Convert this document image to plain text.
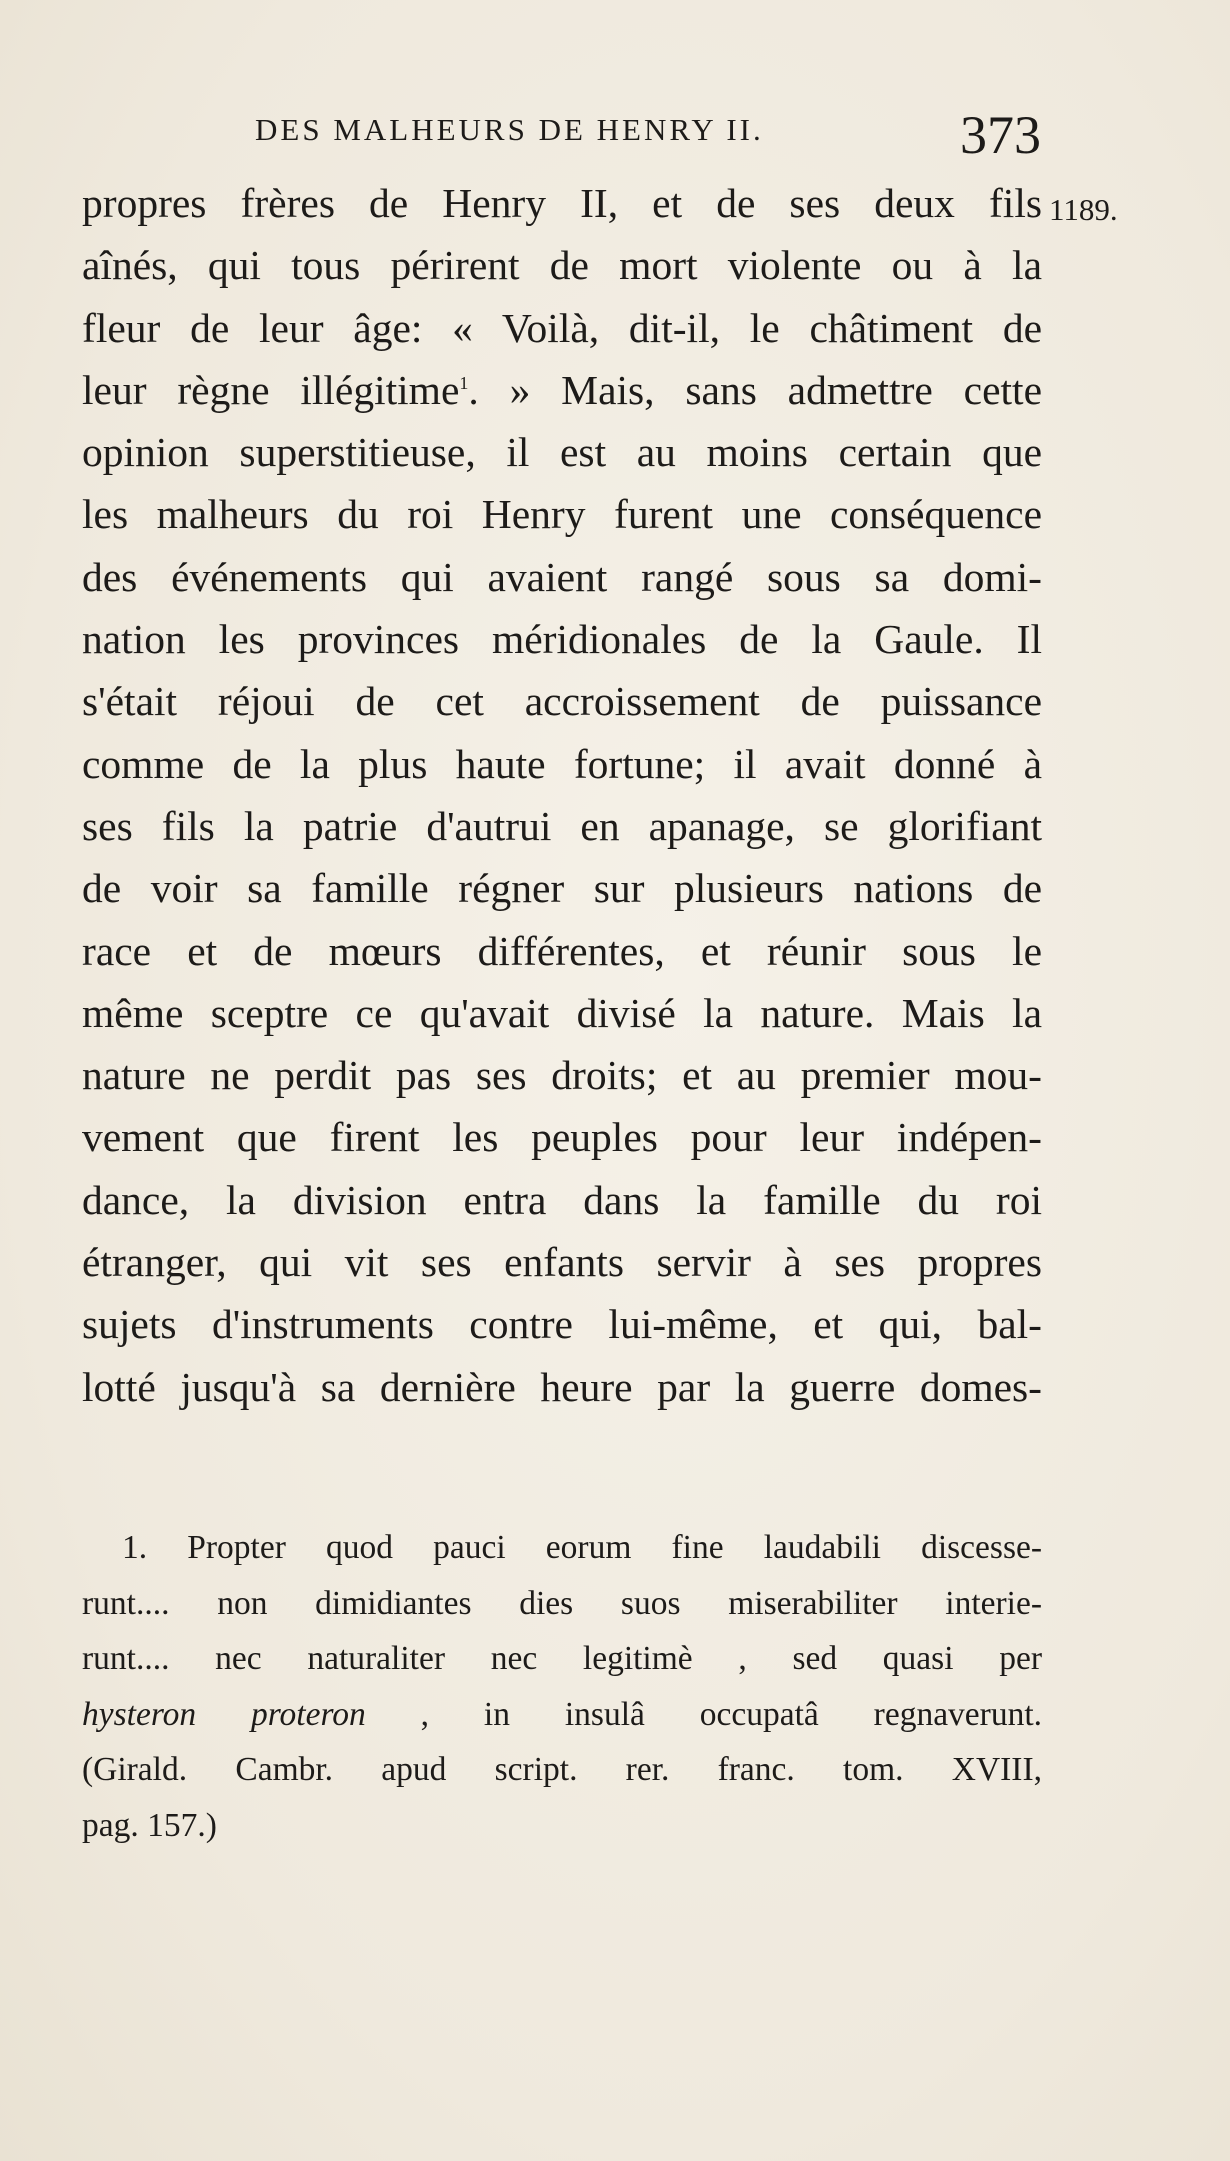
DES MALHEURS DE HENRY II.	373
1189.
propres frères de Henry II, et de ses deux fils
aînés, qui tous périrent de mort violente ou à la
fleur de leur âge: « Voilà, dit-il, le châtiment de
leur règne illégitime$^1$. » Mais, sans admettre cette
opinion superstitieuse, il est au moins certain que
les malheurs du roi Henry furent une conséquence
des événements qui avaient rangé sous sa domi-
nation les provinces méridionales de la Gaule. Il
s'était réjoui de cet accroissement de puissance
comme de la plus haute fortune; il avait donné à
ses fils la patrie d'autrui en apanage, se glorifiant
de voir sa famille régner sur plusieurs nations de
race et de mœurs différentes, et réunir sous le
même sceptre ce qu'avait divisé la nature. Mais la
nature ne perdit pas ses droits; et au premier mou-
vement que firent les peuples pour leur indépen-
dance, la division entra dans la famille du roi
étranger, qui vit ses enfants servir à ses propres
sujets d'instruments contre lui-même, et qui, bal-
lotté jusqu'à sa dernière heure par la guerre domes-
1. Propter quod pauci eorum fine laudabili discesse-
runt.... non dimidiantes dies suos miserabiliter interie-
runt.... nec naturaliter nec legitimè , sed quasi per
hysteron proteron , in insulâ occupatâ regnaverunt.
(Girald. Cambr. apud script. rer. franc. tom. XVIII,
pag. 157.)
